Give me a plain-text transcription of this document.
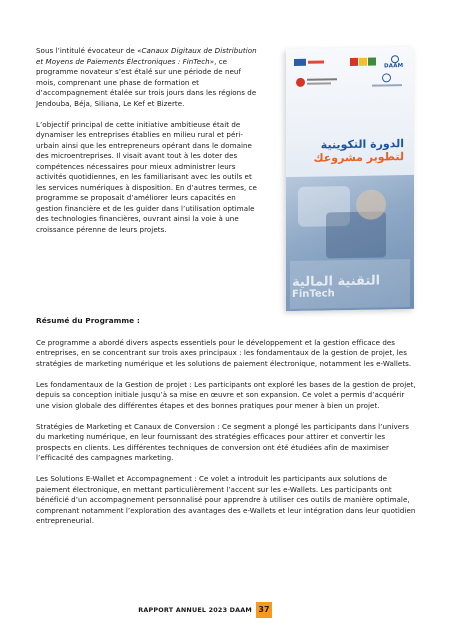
Sous l’intitulé évocateur de «Canaux Digitaux de Distribution et Moyens de Paiements Électroniques : FinTech», ce programme novateur s’est étalé sur une période de neuf mois, comprenant une phase de formation et d’accompagnement étalée sur trois jours dans les régions de Jendouba, Béja, Siliana, Le Kef et Bizerte.

L’objectif principal de cette initiative ambitieuse était de dynamiser les entreprises établies en milieu rural et péri-urbain ainsi que les entrepreneurs opérant dans le domaine des microentreprises. Il visait avant tout à les doter des compétences nécessaires pour mieux administrer leurs activités quotidiennes, en les familiarisant avec les outils et les services numériques à disposition. En d’autres termes, ce programme se proposait d’améliorer leurs capacités en gestion financière et de les guider dans l’utilisation optimale des technologies financières, ouvrant ainsi la voie à une croissance pérenne de leurs projets.

DAAM
الدورة التكوينية
لتطوير مشروعك
التقنية المالية
FinTech
Résumé du Programme :

Ce programme a abordé divers aspects essentiels pour le développement et la gestion efficace des entreprises, en se concentrant sur trois axes principaux : les fondamentaux de la gestion de projet, les stratégies de marketing numérique et les solutions de paiement électronique, notamment les e-Wallets.

Les fondamentaux de la Gestion de projet : Les participants ont exploré les bases de la gestion de projet, depuis sa conception initiale jusqu’à sa mise en œuvre et son expansion. Ce volet a permis d’acquérir une vision globale des différentes étapes et des bonnes pratiques pour mener à bien un projet.

Stratégies de Marketing et Canaux de Conversion : Ce segment a plongé les participants dans l’univers du marketing numérique, en leur fournissant des stratégies efficaces pour attirer et convertir les prospects en clients. Les différentes techniques de conversion ont été étudiées afin de maximiser l’efficacité des campagnes marketing.

Les Solutions E-Wallet et Accompagnement : Ce volet a introduit les participants aux solutions de paiement électronique, en mettant particulièrement l’accent sur les e-Wallets. Les participants ont bénéficié d’un accompagnement personnalisé pour apprendre à utiliser ces outils de manière optimale, comprenant notamment l’exploration des avantages des e-Wallets et leur intégration dans leur quotidien entrepreneurial.

RAPPORT ANNUEL 2023 DAAM 37
